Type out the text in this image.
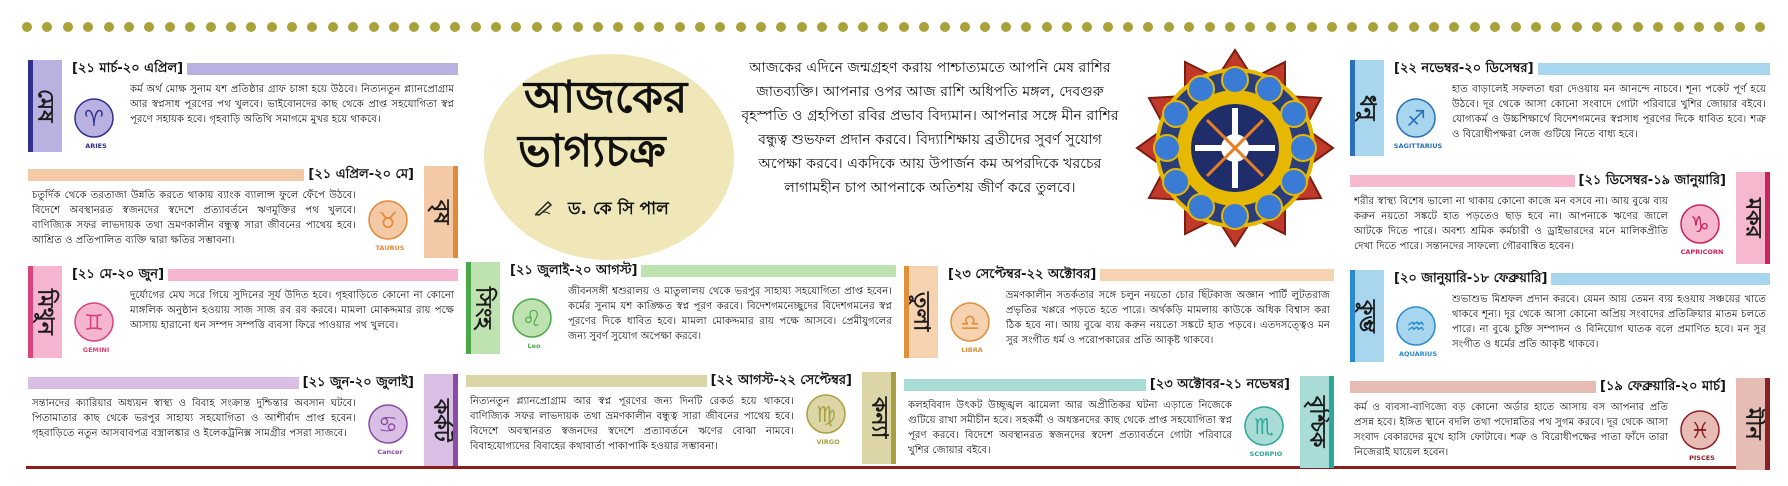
আজকের
ভাগ্যচক্র
ড. কে সি পাল
আজকের এদিনে জন্মগ্রহণ করায় পাশ্চাত্যমতে আপনি মেষ রাশির জাতব্যক্তি। আপনার ওপর আজ রাশি অধিপতি মঙ্গল, দেবগুরু বৃহস্পতি ও গ্রহপিতা রবির প্রভাব বিদ্যমান। আপনার সঙ্গে মীন রাশির বন্ধুত্ব শুভফল প্রদান করবে। বিদ্যাশিক্ষায় ব্রতীদের সুবর্ণ সুযোগ অপেক্ষা করবে। একদিকে আয় উপার্জন কম অপরদিকে খরচের লাগামহীন চাপ আপনাকে অতিশয় জীর্ণ করে তুলবে।
মেষ
[২১ মার্চ-২০ এপ্রিল]
♈
ARIES
কর্ম অর্থ মোক্ষ সুনাম যশ প্রতিষ্ঠার গ্রাফ চাঙ্গা হয়ে উঠবে। নিত্যনতুন প্ল্যানপ্রোগ্রাম আর স্বপ্নসাধ পূরণের পথ খুলবে। ভাইবোনদের কাছ থেকে প্রাপ্ত সহযোগিতা স্বপ্ন পূরণে সহায়ক হবে। গৃহবাড়ি অতিথি সমাগমে মুখর হয়ে থাকবে।
বৃষ
[২১ এপ্রিল-২০ মে]
♉
TAURUS
চতুর্দিক থেকে তরতাজা উন্নতি করতে থাকায় ব্যাংক ব্যালান্স ফুলে ফেঁপে উঠবে। বিদেশে অবস্থানরত স্বজনদের স্বদেশে প্রত্যাবর্তনে ঋণমুক্তির পথ খুলবে। বাণিজ্যিক সফর লাভদায়ক তথা ভ্রমণকালীন বন্ধুত্ব সারা জীবনের পাথেয় হবে। আশ্রিত ও প্রতিপালিত ব্যক্তি দ্বারা ক্ষতির সম্ভাবনা।
মিথুন
[২১ মে-২০ জুন]
♊
GEMINI
দুর্যোগের মেঘ সরে গিয়ে সুদিনের সূর্য উদিত হবে। গৃহবাড়িতে কোনো না কোনো মাঙ্গলিক অনুষ্ঠান হওয়ায় সাজ সাজ রব রব করবে। মামলা মোকদ্দমার রায় পক্ষে আসায় হারানো ধন সম্পদ সম্পত্তি ব্যবসা ফিরে পাওয়ার পথ খুলবে।
কর্কট
[২১ জুন-২০ জুলাই]
♋
Cancer
সন্তানদের ক্যারিয়ার অধ্যয়ন স্বাস্থ্য ও বিবাহ সংক্রান্ত দুশ্চিন্তার অবসান ঘটবে। পিতামাতার কাছ থেকে ভরপুর সাহায্য সহযোগিতা ও আশীর্বাদ প্রাপ্ত হবেন। গৃহবাড়িতে নতুন আসবাবপত্র বস্ত্রালঙ্কার ও ইলেকট্রনিক্স সামগ্রীর পসরা সাজবে।
সিংহ
[২১ জুলাই-২০ আগস্ট]
♌
Leo
জীবনসঙ্গী শ্বশুরালয় ও মাতুলালয় থেকে ভরপুর সাহায্য সহযোগিতা প্রাপ্ত হবেন। কর্মের সুনাম যশ কাঙ্ক্ষিত স্বপ্ন পূরণ করবে। বিদেশগমনেচ্ছুদের বিদেশগমনের স্বপ্ন পূরণের দিকে ধাবিত হবে। মামলা মোকদ্দমার রায় পক্ষে আসবে। প্রেমীযুগলের জন্য সুবর্ণ সুযোগ অপেক্ষা করবে।
কন্যা
[২২ আগস্ট-২২ সেপ্টেম্বর]
♍
VIRGO
নিত্যনতুন প্ল্যানপ্রোগ্রাম আর স্বপ্ন পূরণের জন্য দিনটি রেকর্ড হয়ে থাকবে। বাণিজ্যিক সফর লাভদায়ক তথা ভ্রমণকালীন বন্ধুত্ব সারা জীবনের পাথেয় হবে। বিদেশে অবস্থানরত স্বজনদের স্বদেশে প্রত্যাবর্তনে ঋণের বোঝা নামবে। বিবাহযোগ্যদের বিবাহের কথাবার্তা পাকাপাকি হওয়ার সম্ভাবনা।
তুলা
[২৩ সেপ্টেম্বর-২২ অক্টোবর]
♎
LIBRA
ভ্রমণকালীন সতর্কতার সঙ্গে চলুন নয়তো চোর ছিঁটকাজ অজ্ঞান পার্টি লুটতরাজ প্রভৃতির খপ্পরে পড়তে হতে পারে। অর্থকড়ি মামলায় কাউকে অধিক বিশ্বাস করা ঠিক হবে না। আয় বুঝে ব্যয় করুন নয়তো সঙ্কটে হাত পড়বে। এতদসত্ত্বেও মন সুর সংগীত ধর্ম ও পরোপকারের প্রতি আকৃষ্ট থাকবে।
বৃশ্চিক
[২৩ অক্টোবর-২১ নভেম্বর]
♏
SCORPIO
কলহবিবাদ উৎকট উচ্ছৃঙ্খল ঝামেলা আর অপ্রীতিকর ঘটনা এড়াতে নিজেকে গুটিয়ে রাখা সমীচীন হবে। সহকর্মী ও অধস্তনদের কাছ থেকে প্রাপ্ত সহযোগিতা স্বপ্ন পূরণ করবে। বিদেশে অবস্থানরত স্বজনদের স্বদেশ প্রত্যাবর্তনে গোটা পরিবারে খুশির জোয়ার বইবে।
ধনু
[২২ নভেম্বর-২০ ডিসেম্বর]
♐
SAGITTARIUS
হাত বাড়ালেই সফলতা ধরা দেওয়ায় মন আনন্দে নাচবে। শূন্য পকেট পূর্ণ হয়ে উঠবে। দূর থেকে আসা কোনো সংবাদে গোটা পরিবারে খুশির জোয়ার বইবে। যোগ্যকর্ম ও উচ্চশিক্ষার্থে বিদেশগমনের স্বপ্নসাধ পূরণের দিকে ধাবিত হবে। শত্রু ও বিরোধীপক্ষরা লেজ গুটিয়ে নিতে বাধ্য হবে।
মকর
[২১ ডিসেম্বর-১৯ জানুয়ারি]
♑
CAPRICORN
শরীর স্বাস্থ্য বিশেষ ভালো না থাকায় কোনো কাজে মন বসবে না। আয় বুঝে ব্যয় করুন নয়তো সঙ্কটে হাত পড়তেও ছাড় হবে না। আপনাকে ঋণের জালে আটকে দিতে পারে। অবশ্য শ্রমিক কর্মচারী ও ড্রাইভারদের মনে মালিকপ্রীতি দেখা দিতে পারে। সন্তানদের সাফল্যে গৌরবান্বিত হবেন।
কুম্ভ
[২০ জানুয়ারি-১৮ ফেব্রুয়ারি]
♒
AQUARIUS
শুভাশুভ মিশ্রফল প্রদান করবে। যেমন আয় তেমন ব্যয় হওয়ায় সঞ্চয়ের খাতে থাকবে শূন্য। দূর থেকে আসা কোনো অপ্রিয় সংবাদের প্রতিক্রিয়ার মাতম চলতে পারে। না বুঝে চুক্তি সম্পাদন ও বিনিয়োগ ঘাতক বলে প্রমাণিত হবে। মন সুর সংগীত ও ধর্মের প্রতি আকৃষ্ট থাকবে।
মীন
[১৯ ফেব্রুয়ারি-২০ মার্চ]
♓
PISCES
কর্ম ও ব্যবসা-বাণিজ্যে বড় কোনো অর্ডার হাতে আসায় বস আপনার প্রতি প্রসন্ন হবে। ইঙ্গিত স্থানে বদলি তথা পদোন্নতির পথ সুগম করবে। দূর থেকে আসা সংবাদ বেকারদের মুখে হাসি ফোটাবে। শত্রু ও বিরোধীপক্ষের পাতা ফাঁদে তারা নিজেরাই ঘায়েল হবেন।
